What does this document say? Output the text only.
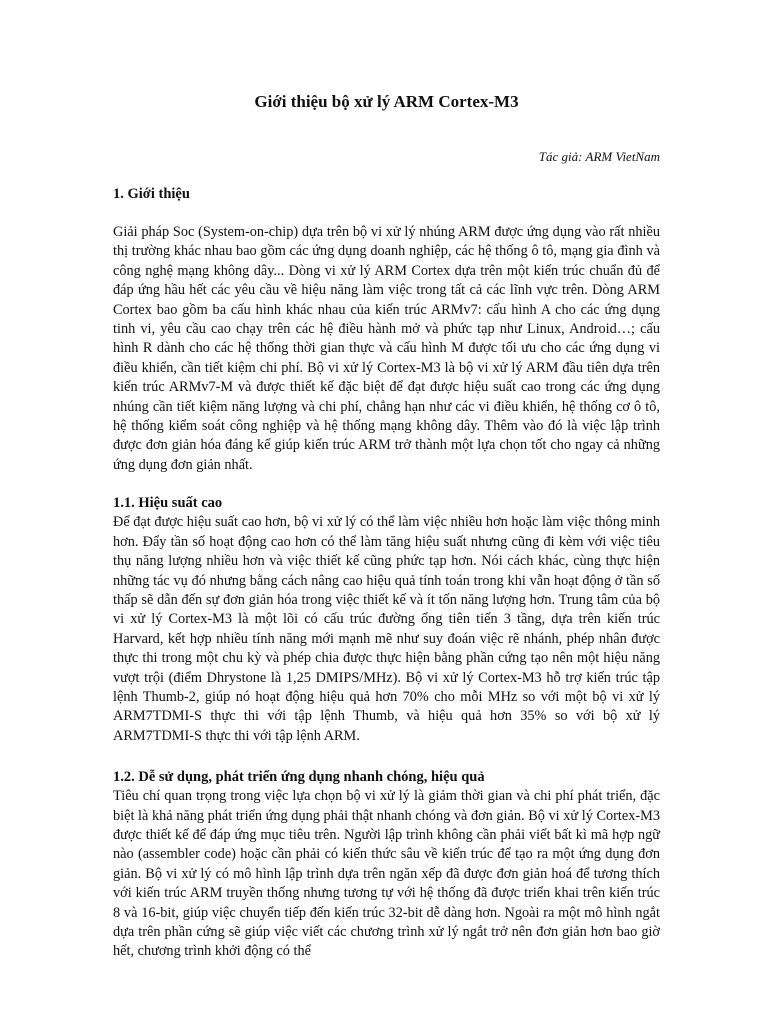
Giới thiệu bộ xử lý ARM Cortex-M3
Tác giả: ARM VietNam
1. Giới thiệu

Giải pháp Soc (System-on-chip) dựa trên bộ vi xử lý nhúng ARM được ứng dụng vào rất nhiều thị trường khác nhau bao gồm các ứng dụng doanh nghiệp, các hệ thống ô tô, mạng gia đình và công nghệ mạng không dây... Dòng vi xử lý ARM Cortex dựa trên một kiến trúc chuẩn đủ để đáp ứng hầu hết các yêu cầu về hiệu năng làm việc trong tất cả các lĩnh vực trên. Dòng ARM Cortex bao gồm ba cấu hình khác nhau của kiến trúc ARMv7: cấu hình A cho các ứng dụng tinh vi, yêu cầu cao chạy trên các hệ điều hành mở và phức tạp như Linux, Android…; cấu hình R dành cho các hệ thống thời gian thực và cấu hình M được tối ưu cho các ứng dụng vi điều khiển, cần tiết kiệm chi phí. Bộ vi xử lý Cortex-M3 là bộ vi xử lý ARM đầu tiên dựa trên kiến trúc ARMv7-M và được thiết kế đặc biệt để đạt được hiệu suất cao trong các ứng dụng nhúng cần tiết kiệm năng lượng và chi phí, chẳng hạn như các vi điều khiển, hệ thống cơ ô tô, hệ thống kiểm soát công nghiệp và hệ thống mạng không dây. Thêm vào đó là việc lập trình được đơn giản hóa đáng kể giúp kiến trúc ARM trở thành một lựa chọn tốt cho ngay cả những ứng dụng đơn giản nhất.

1.1. Hiệu suất cao

Để đạt được hiệu suất cao hơn, bộ vi xử lý có thể làm việc nhiều hơn hoặc làm việc thông minh hơn. Đẩy tần số hoạt động cao hơn có thể làm tăng hiệu suất nhưng cũng đi kèm với việc tiêu thụ năng lượng nhiều hơn và việc thiết kế cũng phức tạp hơn. Nói cách khác, cùng thực hiện những tác vụ đó nhưng bằng cách nâng cao hiệu quả tính toán trong khi vẫn hoạt động ở tần số thấp sẽ dẫn đến sự đơn giản hóa trong việc thiết kế và ít tốn năng lượng hơn. Trung tâm của bộ vi xử lý Cortex-M3 là một lõi có cấu trúc đường ống tiên tiến 3 tầng, dựa trên kiến trúc Harvard, kết hợp nhiều tính năng mới mạnh mẽ như suy đoán việc rẽ nhánh, phép nhân được thực thi trong một chu kỳ và phép chia được thực hiện bằng phần cứng tạo nên một hiệu năng vượt trội (điểm Dhrystone là 1,25 DMIPS/MHz). Bộ vi xử lý Cortex-M3 hỗ trợ kiến trúc tập lệnh Thumb-2, giúp nó hoạt động hiệu quả hơn 70% cho mỗi MHz so với một bộ vi xử lý ARM7TDMI-S thực thi với tập lệnh Thumb, và hiệu quả hơn 35% so với bộ xử lý ARM7TDMI-S thực thi với tập lệnh ARM.

1.2. Dễ sử dụng, phát triển ứng dụng nhanh chóng, hiệu quả

Tiêu chí quan trọng trong việc lựa chọn bộ vi xử lý là giảm thời gian và chi phí phát triển, đặc biệt là khả năng phát triển ứng dụng phải thật nhanh chóng và đơn giản. Bộ vi xử lý Cortex-M3 được thiết kế để đáp ứng mục tiêu trên. Người lập trình không cần phải viết bất kì mã hợp ngữ nào (assembler code) hoặc cần phải có kiến thức sâu về kiến trúc để tạo ra một ứng dụng đơn giản. Bộ vi xử lý có mô hình lập trình dựa trên ngăn xếp đã được đơn giản hoá để tương thích với kiến trúc ARM truyền thống nhưng tương tự với hệ thống đã được triển khai trên kiến trúc 8 và 16-bit, giúp việc chuyển tiếp đến kiến trúc 32-bit dễ dàng hơn. Ngoài ra một mô hình ngắt dựa trên phần cứng sẽ giúp việc viết các chương trình xử lý ngắt trở nên đơn giản hơn bao giờ hết, chương trình khởi động có thể
